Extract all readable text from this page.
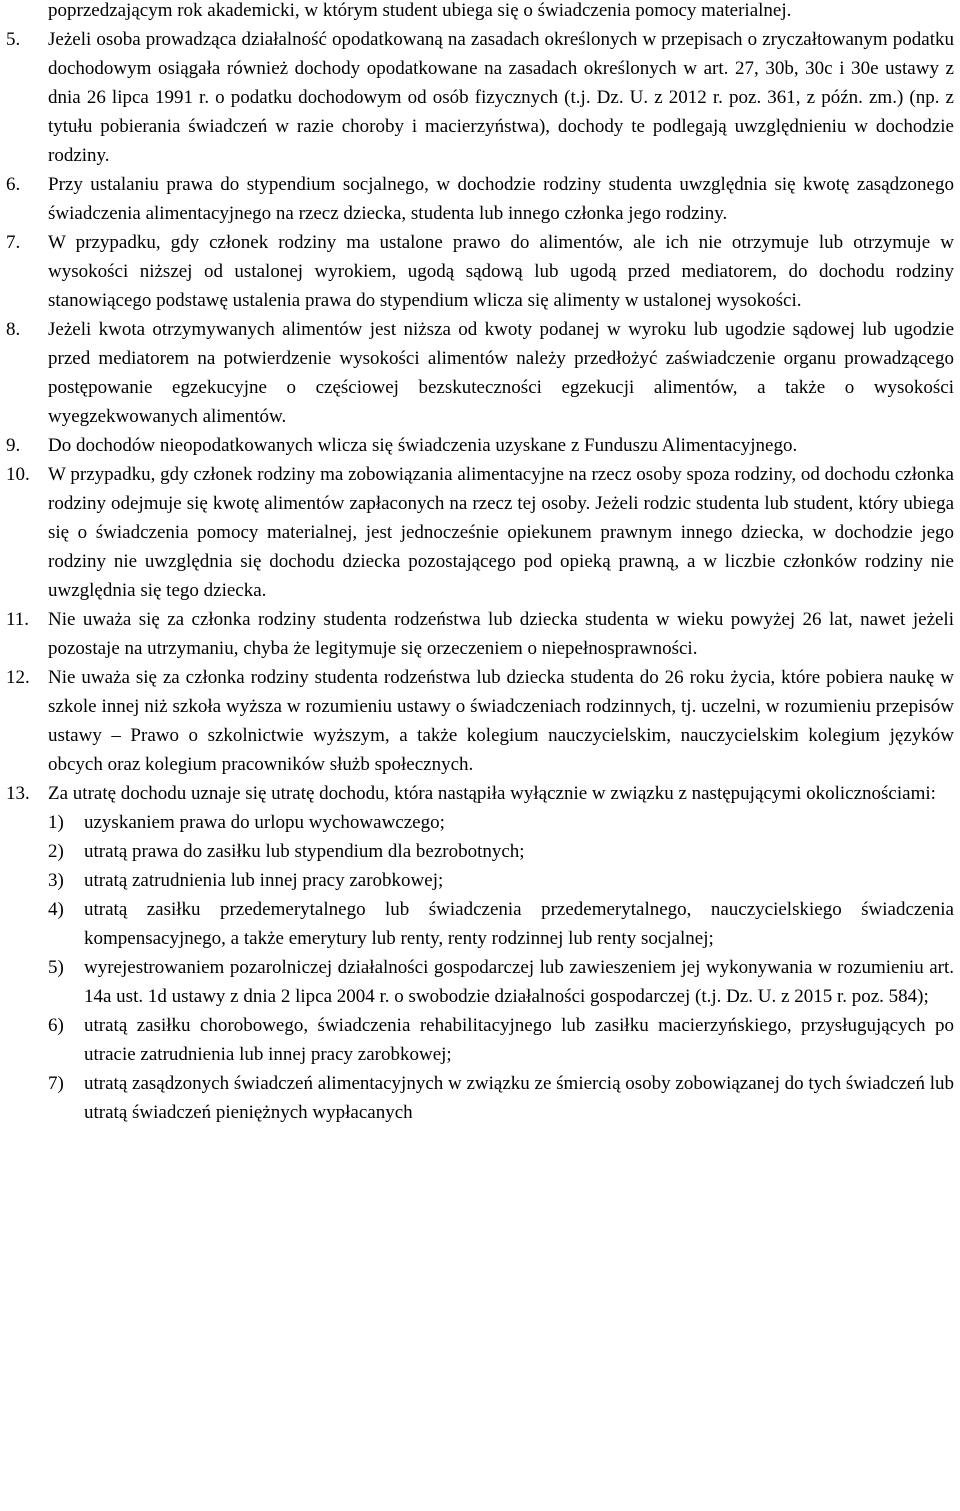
poprzedzającym rok akademicki, w którym student ubiega się o świadczenia pomocy materialnej.

5.	Jeżeli osoba prowadząca działalność opodatkowaną na zasadach określonych w przepisach o zryczałtowanym podatku dochodowym osiągała również dochody opodatkowane na zasadach określonych w art. 27, 30b, 30c i 30e ustawy z dnia 26 lipca 1991 r. o podatku dochodowym od osób fizycznych (t.j. Dz. U. z 2012 r. poz. 361, z późn. zm.) (np. z tytułu pobierania świadczeń w razie choroby i macierzyństwa), dochody te podlegają uwzględnieniu w dochodzie rodziny.
6.	Przy ustalaniu prawa do stypendium socjalnego, w dochodzie rodziny studenta uwzględnia się kwotę zasądzonego świadczenia alimentacyjnego na rzecz dziecka, studenta lub innego członka jego rodziny.
7.	W przypadku, gdy członek rodziny ma ustalone prawo do alimentów, ale ich nie otrzymuje lub otrzymuje w wysokości niższej od ustalonej wyrokiem, ugodą sądową lub ugodą przed mediatorem, do dochodu rodziny stanowiącego podstawę ustalenia prawa do stypendium wlicza się alimenty w ustalonej wysokości.
8.	Jeżeli kwota otrzymywanych alimentów jest niższa od kwoty podanej w wyroku lub ugodzie sądowej lub ugodzie przed mediatorem na potwierdzenie wysokości alimentów należy przedłożyć zaświadczenie organu prowadzącego postępowanie egzekucyjne o częściowej bezskuteczności egzekucji alimentów, a także o wysokości wyegzekwowanych alimentów.
9.	Do dochodów nieopodatkowanych wlicza się świadczenia uzyskane z Funduszu Alimentacyjnego.
10. W przypadku, gdy członek rodziny ma zobowiązania alimentacyjne na rzecz osoby spoza rodziny, od dochodu członka rodziny odejmuje się kwotę alimentów zapłaconych na rzecz tej osoby. Jeżeli rodzic studenta lub student, który ubiega się o świadczenia pomocy materialnej, jest jednocześnie opiekunem prawnym innego dziecka, w dochodzie jego rodziny nie uwzględnia się dochodu dziecka pozostającego pod opieką prawną, a w liczbie członków rodziny nie uwzględnia się tego dziecka.
11. Nie uważa się za członka rodziny studenta rodzeństwa lub dziecka studenta w wieku powyżej 26 lat, nawet jeżeli pozostaje na utrzymaniu, chyba że legitymuje się orzeczeniem o niepełnosprawności.
12. Nie uważa się za członka rodziny studenta rodzeństwa lub dziecka studenta do 26 roku życia, które pobiera naukę w szkole innej niż szkoła wyższa w rozumieniu ustawy o świadczeniach rodzinnych, tj. uczelni, w rozumieniu przepisów ustawy – Prawo o szkolnictwie wyższym, a także kolegium nauczycielskim, nauczycielskim kolegium języków obcych oraz kolegium pracowników służb społecznych.
13. Za utratę dochodu uznaje się utratę dochodu, która nastąpiła wyłącznie w związku z następującymi okolicznościami:
1)	uzyskaniem prawa do urlopu wychowawczego;
2)	utratą prawa do zasiłku lub stypendium dla bezrobotnych;
3)	utratą zatrudnienia lub innej pracy zarobkowej;
4)	utratą zasiłku przedemerytalnego lub świadczenia przedemerytalnego, nauczycielskiego świadczenia kompensacyjnego, a także emerytury lub renty, renty rodzinnej lub renty socjalnej;
5)	wyrejestrowaniem pozarolniczej działalności gospodarczej lub zawieszeniem jej wykonywania w rozumieniu art. 14a ust. 1d ustawy z dnia 2 lipca 2004 r. o swobodzie działalności gospodarczej (t.j. Dz. U. z 2015 r. poz. 584);
6)	utratą zasiłku chorobowego, świadczenia rehabilitacyjnego lub zasiłku macierzyńskiego, przysługujących po utracie zatrudnienia lub innej pracy zarobkowej;
7)	utratą zasądzonych świadczeń alimentacyjnych w związku ze śmiercią osoby zobowiązanej do tych świadczeń lub utratą świadczeń pieniężnych wypłacanych
